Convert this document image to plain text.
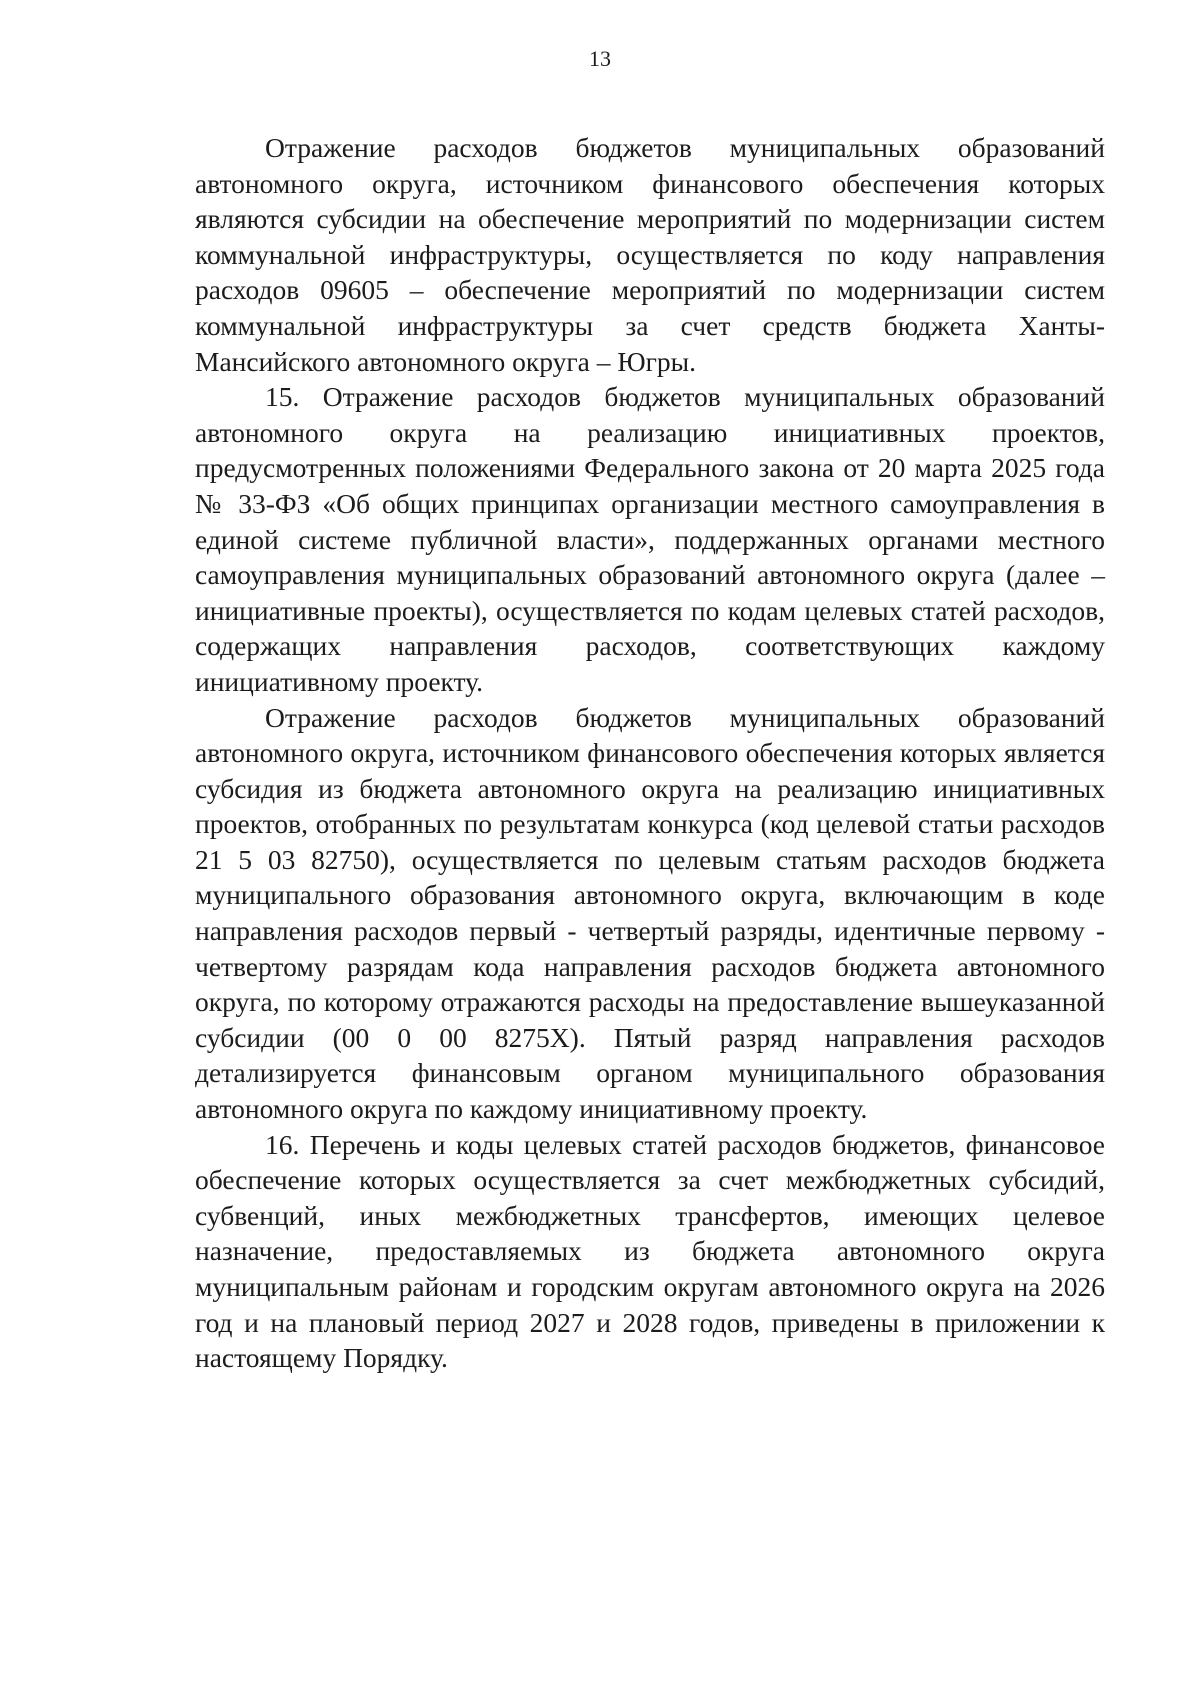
13

Отражение расходов бюджетов муниципальных образований автономного округа, источником финансового обеспечения которых являются субсидии на обеспечение мероприятий по модернизации систем коммунальной инфраструктуры, осуществляется по коду направления расходов 09605 – обеспечение мероприятий по модернизации систем коммунальной инфраструктуры за счет средств бюджета Ханты-Мансийского автономного округа – Югры.

15. Отражение расходов бюджетов муниципальных образований автономного округа на реализацию инициативных проектов, предусмотренных положениями Федерального закона от 20 марта 2025 года № 33-ФЗ «Об общих принципах организации местного самоуправления в единой системе публичной власти», поддержанных органами местного самоуправления муниципальных образований автономного округа (далее – инициативные проекты), осуществляется по кодам целевых статей расходов, содержащих направления расходов, соответствующих каждому инициативному проекту.

Отражение расходов бюджетов муниципальных образований автономного округа, источником финансового обеспечения которых является субсидия из бюджета автономного округа на реализацию инициативных проектов, отобранных по результатам конкурса (код целевой статьи расходов 21 5 03 82750), осуществляется по целевым статьям расходов бюджета муниципального образования автономного округа, включающим в коде направления расходов первый - четвертый разряды, идентичные первому - четвертому разрядам кода направления расходов бюджета автономного округа, по которому отражаются расходы на предоставление вышеуказанной субсидии (00 0 00 8275Х). Пятый разряд направления расходов детализируется финансовым органом муниципального образования автономного округа по каждому инициативному проекту.

16. Перечень и коды целевых статей расходов бюджетов, финансовое обеспечение которых осуществляется за счет межбюджетных субсидий, субвенций, иных межбюджетных трансфертов, имеющих целевое назначение, предоставляемых из бюджета автономного округа муниципальным районам и городским округам автономного округа на 2026 год и на плановый период 2027 и 2028 годов, приведены в приложении к настоящему Порядку.
